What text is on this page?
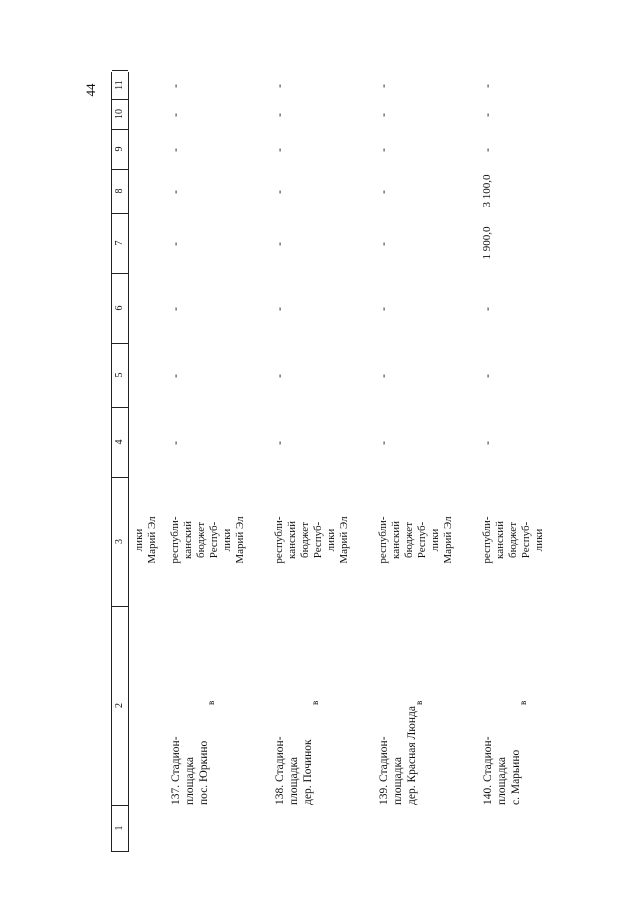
44
1
2
3
4
5
6
7
8
9
10
11
лики Марий Эл
137. Стадион- площадка пос. Юркино
в
республи- канский бюджет Респуб- лики Марий Эл
-
-
-
-
-
-
-
-
138. Стадион- площадка дер. Починок
в
республи- канский бюджет Респуб- лики Марий Эл
-
-
-
-
-
-
-
-
139. Стадион- площадка дер. Красная Люнда
в
республи- канский бюджет Респуб- лики Марий Эл
-
-
-
-
-
-
-
-
140. Стадион- площадка с. Марьино
в
республи- канский бюджет Респуб- лики
-
-
-
1 900,0
3 100,0
-
-
-
